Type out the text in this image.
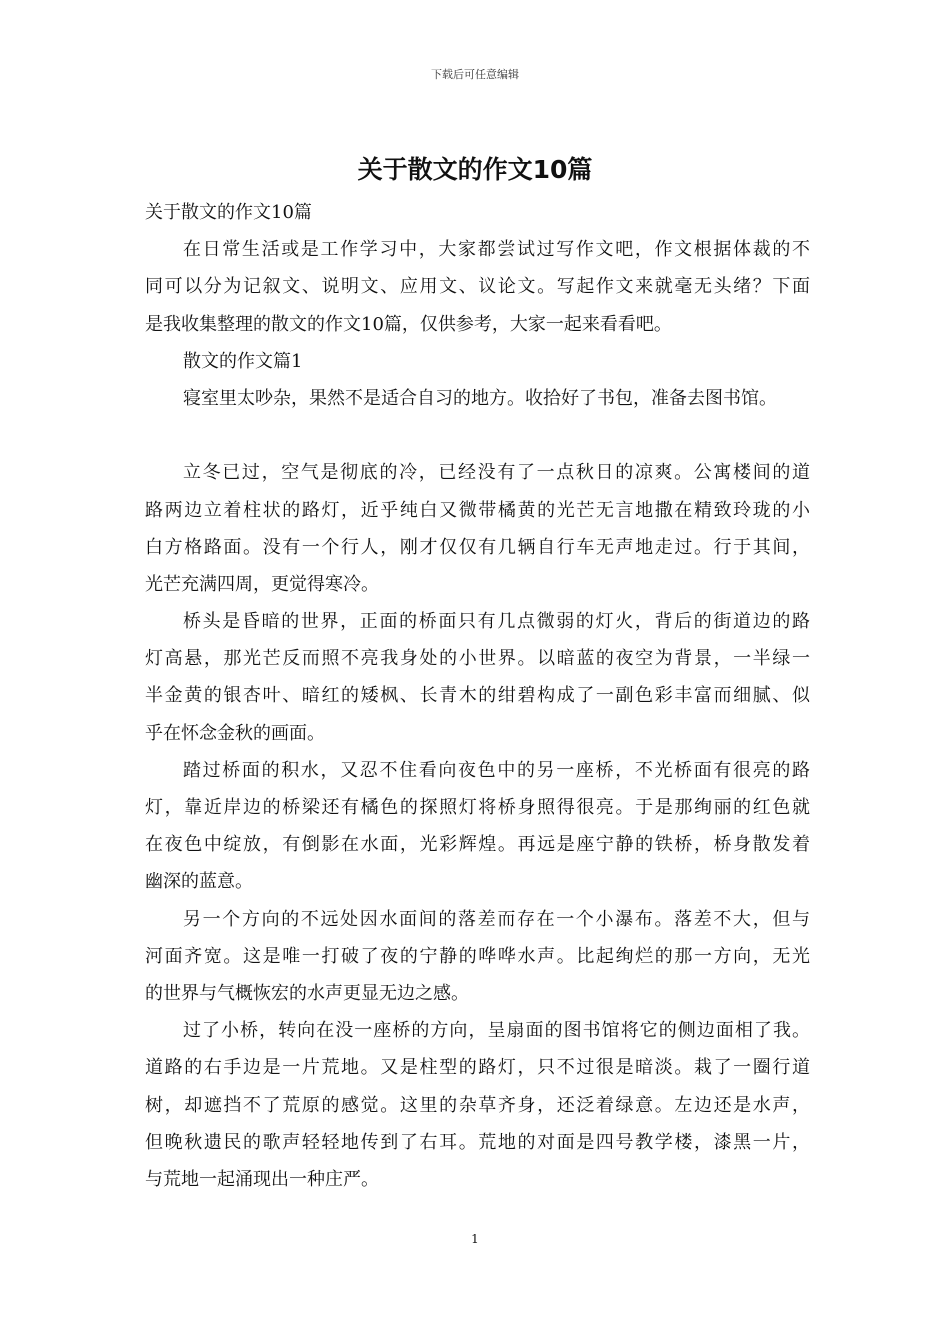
下载后可任意编辑
关于散文的作文10篇
关于散文的作文10篇
在日常生活或是工作学习中，大家都尝试过写作文吧，作文根据体裁的不
同可以分为记叙文、说明文、应用文、议论文。写起作文来就毫无头绪？下面
是我收集整理的散文的作文10篇，仅供参考，大家一起来看看吧。
散文的作文篇1
寝室里太吵杂，果然不是适合自习的地方。收拾好了书包，准备去图书馆。
立冬已过，空气是彻底的冷，已经没有了一点秋日的凉爽。公寓楼间的道
路两边立着柱状的路灯，近乎纯白又微带橘黄的光芒无言地撒在精致玲珑的小
白方格路面。没有一个行人，刚才仅仅有几辆自行车无声地走过。行于其间，
光芒充满四周，更觉得寒冷。
桥头是昏暗的世界，正面的桥面只有几点微弱的灯火，背后的街道边的路
灯高悬，那光芒反而照不亮我身处的小世界。以暗蓝的夜空为背景，一半绿一
半金黄的银杏叶、暗红的矮枫、长青木的绀碧构成了一副色彩丰富而细腻、似
乎在怀念金秋的画面。
踏过桥面的积水，又忍不住看向夜色中的另一座桥，不光桥面有很亮的路
灯，靠近岸边的桥梁还有橘色的探照灯将桥身照得很亮。于是那绚丽的红色就
在夜色中绽放，有倒影在水面，光彩辉煌。再远是座宁静的铁桥，桥身散发着
幽深的蓝意。
另一个方向的不远处因水面间的落差而存在一个小瀑布。落差不大，但与
河面齐宽。这是唯一打破了夜的宁静的哗哗水声。比起绚烂的那一方向，无光
的世界与气概恢宏的水声更显无边之感。
过了小桥，转向在没一座桥的方向，呈扇面的图书馆将它的侧边面相了我。
道路的右手边是一片荒地。又是柱型的路灯，只不过很是暗淡。栽了一圈行道
树，却遮挡不了荒原的感觉。这里的杂草齐身，还泛着绿意。左边还是水声，
但晚秋遗民的歌声轻轻地传到了右耳。荒地的对面是四号教学楼，漆黑一片，
与荒地一起涌现出一种庄严。
1
